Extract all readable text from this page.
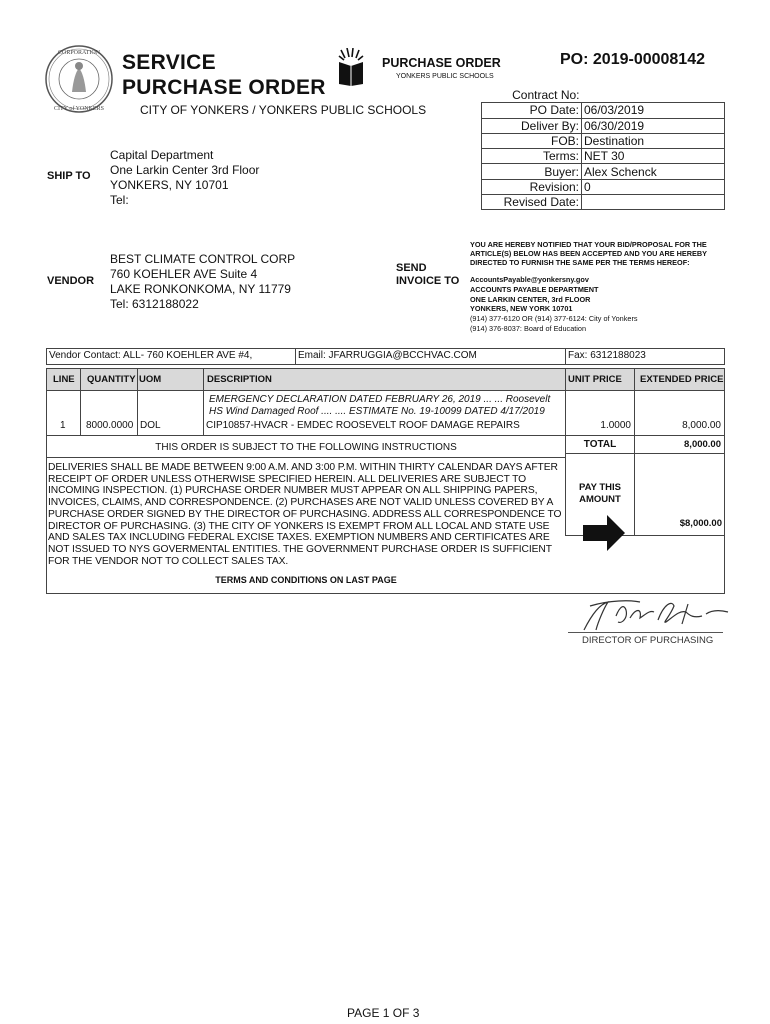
CORPORATION
CITY of YONKERS
SERVICE
PURCHASE ORDER
CITY OF YONKERS / YONKERS PUBLIC SCHOOLS
PURCHASE ORDER
YONKERS PUBLIC SCHOOLS
PO: 2019-00008142
Contract No:	
PO Date:	06/03/2019
Deliver By:	06/30/2019
FOB:	Destination
Terms:	NET 30
Buyer:	Alex Schenck
Revision:	0
Revised Date:	
SHIP TO
Capital Department
One Larkin Center 3rd Floor
YONKERS, NY 10701
Tel:
VENDOR
BEST CLIMATE CONTROL CORP
760 KOEHLER AVE Suite 4
LAKE RONKONKOMA, NY 11779
Tel: 6312188022
SEND
INVOICE TO
YOU ARE HEREBY NOTIFIED THAT YOUR BID/PROPOSAL FOR THE ARTICLE(S) BELOW HAS BEEN ACCEPTED AND YOU ARE HEREBY DIRECTED TO FURNISH THE SAME PER THE TERMS HEREOF:
AccountsPayable@yonkersny.gov
ACCOUNTS PAYABLE DEPARTMENT
ONE LARKIN CENTER, 3rd FLOOR
YONKERS, NEW YORK 10701
(914) 377-6120 OR (914) 377-6124: City of Yonkers
(914) 376-8037: Board of Education
Vendor Contact: ALL- 760 KOEHLER AVE #4,	Email: JFARRUGGIA@BCCHVAC.COM	Fax: 6312188023
LINE QUANTITY UOM	DESCRIPTION	UNIT PRICE EXTENDED PRICE
EMERGENCY DECLARATION DATED FEBRUARY 26, 2019 ... ... Roosevelt
HS Wind Damaged Roof .... .... ESTIMATE No. 19-10099 DATED 4/17/2019
1 8000.0000 DOL	CIP10857-HVACR - EMDEC ROOSEVELT ROOF DAMAGE REPAIRS	1.0000	8,000.00
THIS ORDER IS SUBJECT TO THE FOLLOWING INSTRUCTIONS	TOTAL	8,000.00
DELIVERIES SHALL BE MADE BETWEEN 9:00 A.M. AND 3:00 P.M. WITHIN THIRTY CALENDAR DAYS AFTER
RECEIPT OF ORDER UNLESS OTHERWISE SPECIFIED HEREIN. ALL DELIVERIES ARE SUBJECT TO
INCOMING INSPECTION. (1) PURCHASE ORDER NUMBER MUST APPEAR ON ALL SHIPPING PAPERS,
INVOICES, CLAIMS, AND CORRESPONDENCE. (2) PURCHASES ARE NOT VALID UNLESS COVERED BY A
PURCHASE ORDER SIGNED BY THE DIRECTOR OF PURCHASING. ADDRESS ALL CORRESPONDENCE TO
DIRECTOR OF PURCHASING. (3) THE CITY OF YONKERS IS EXEMPT FROM ALL LOCAL AND STATE USE
AND SALES TAX INCLUDING FEDERAL EXCISE TAXES. EXEMPTION NUMBERS AND CERTIFICATES ARE
NOT ISSUED TO NYS GOVERMENTAL ENTITIES. THE GOVERNMENT PURCHASE ORDER IS SUFFICIENT
FOR THE VENDOR NOT TO COLLECT SALES TAX.
PAY THIS
AMOUNT
$8,000.00
TERMS AND CONDITIONS ON LAST PAGE
DIRECTOR OF PURCHASING
PAGE 1 OF 3
